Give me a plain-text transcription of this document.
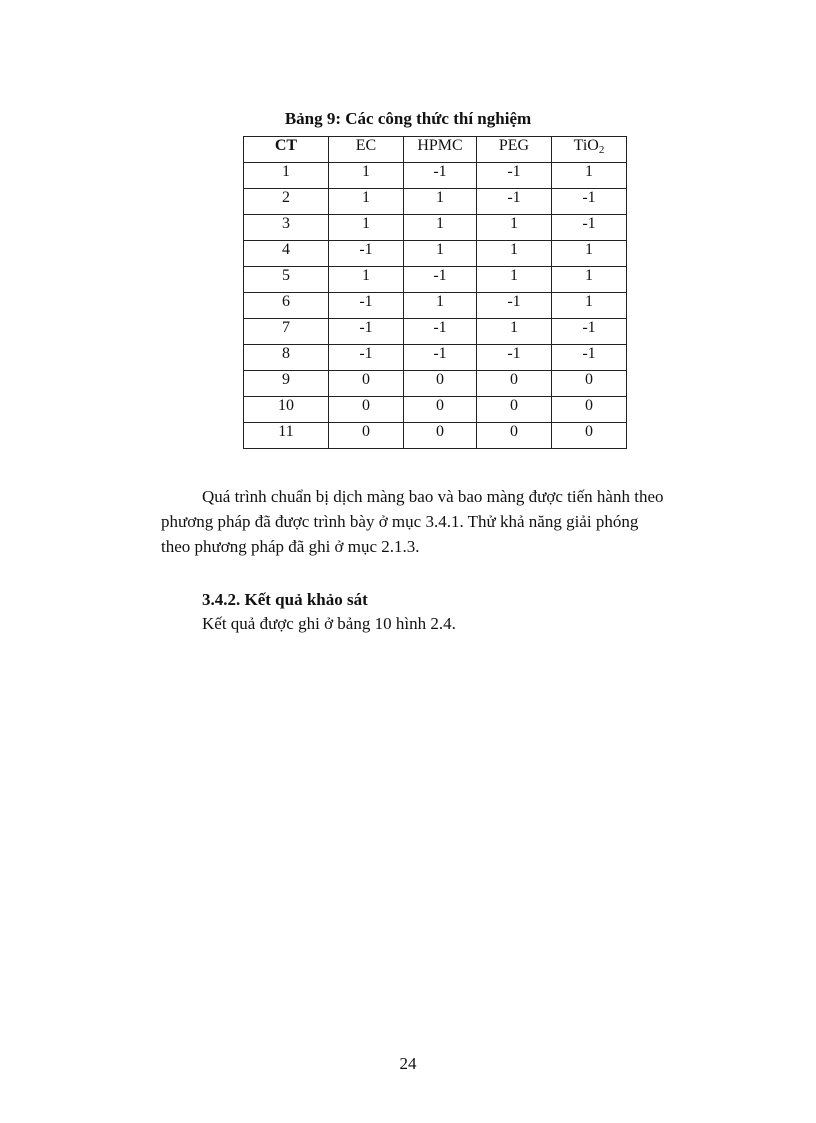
Bảng 9: Các công thức thí nghiệm
CT	EC	HPMC	PEG	TiO$_2$
1	1	-1	-1	1
2	1	1	-1	-1
3	1	1	1	-1
4	-1	1	1	1
5	1	-1	1	1
6	-1	1	-1	1
7	-1	-1	1	-1
8	-1	-1	-1	-1
9	0	0	0	0
10	0	0	0	0
11	0	0	0	0

Quá trình chuẩn bị dịch màng bao và bao màng được tiến hành theo
phương pháp đã được trình bày ở mục 3.4.1. Thử khả năng giải phóng
theo phương pháp đã ghi ở mục 2.1.3.

3.4.2. Kết quả khảo sát

Kết quả được ghi ở bảng 10 hình 2.4.

24
